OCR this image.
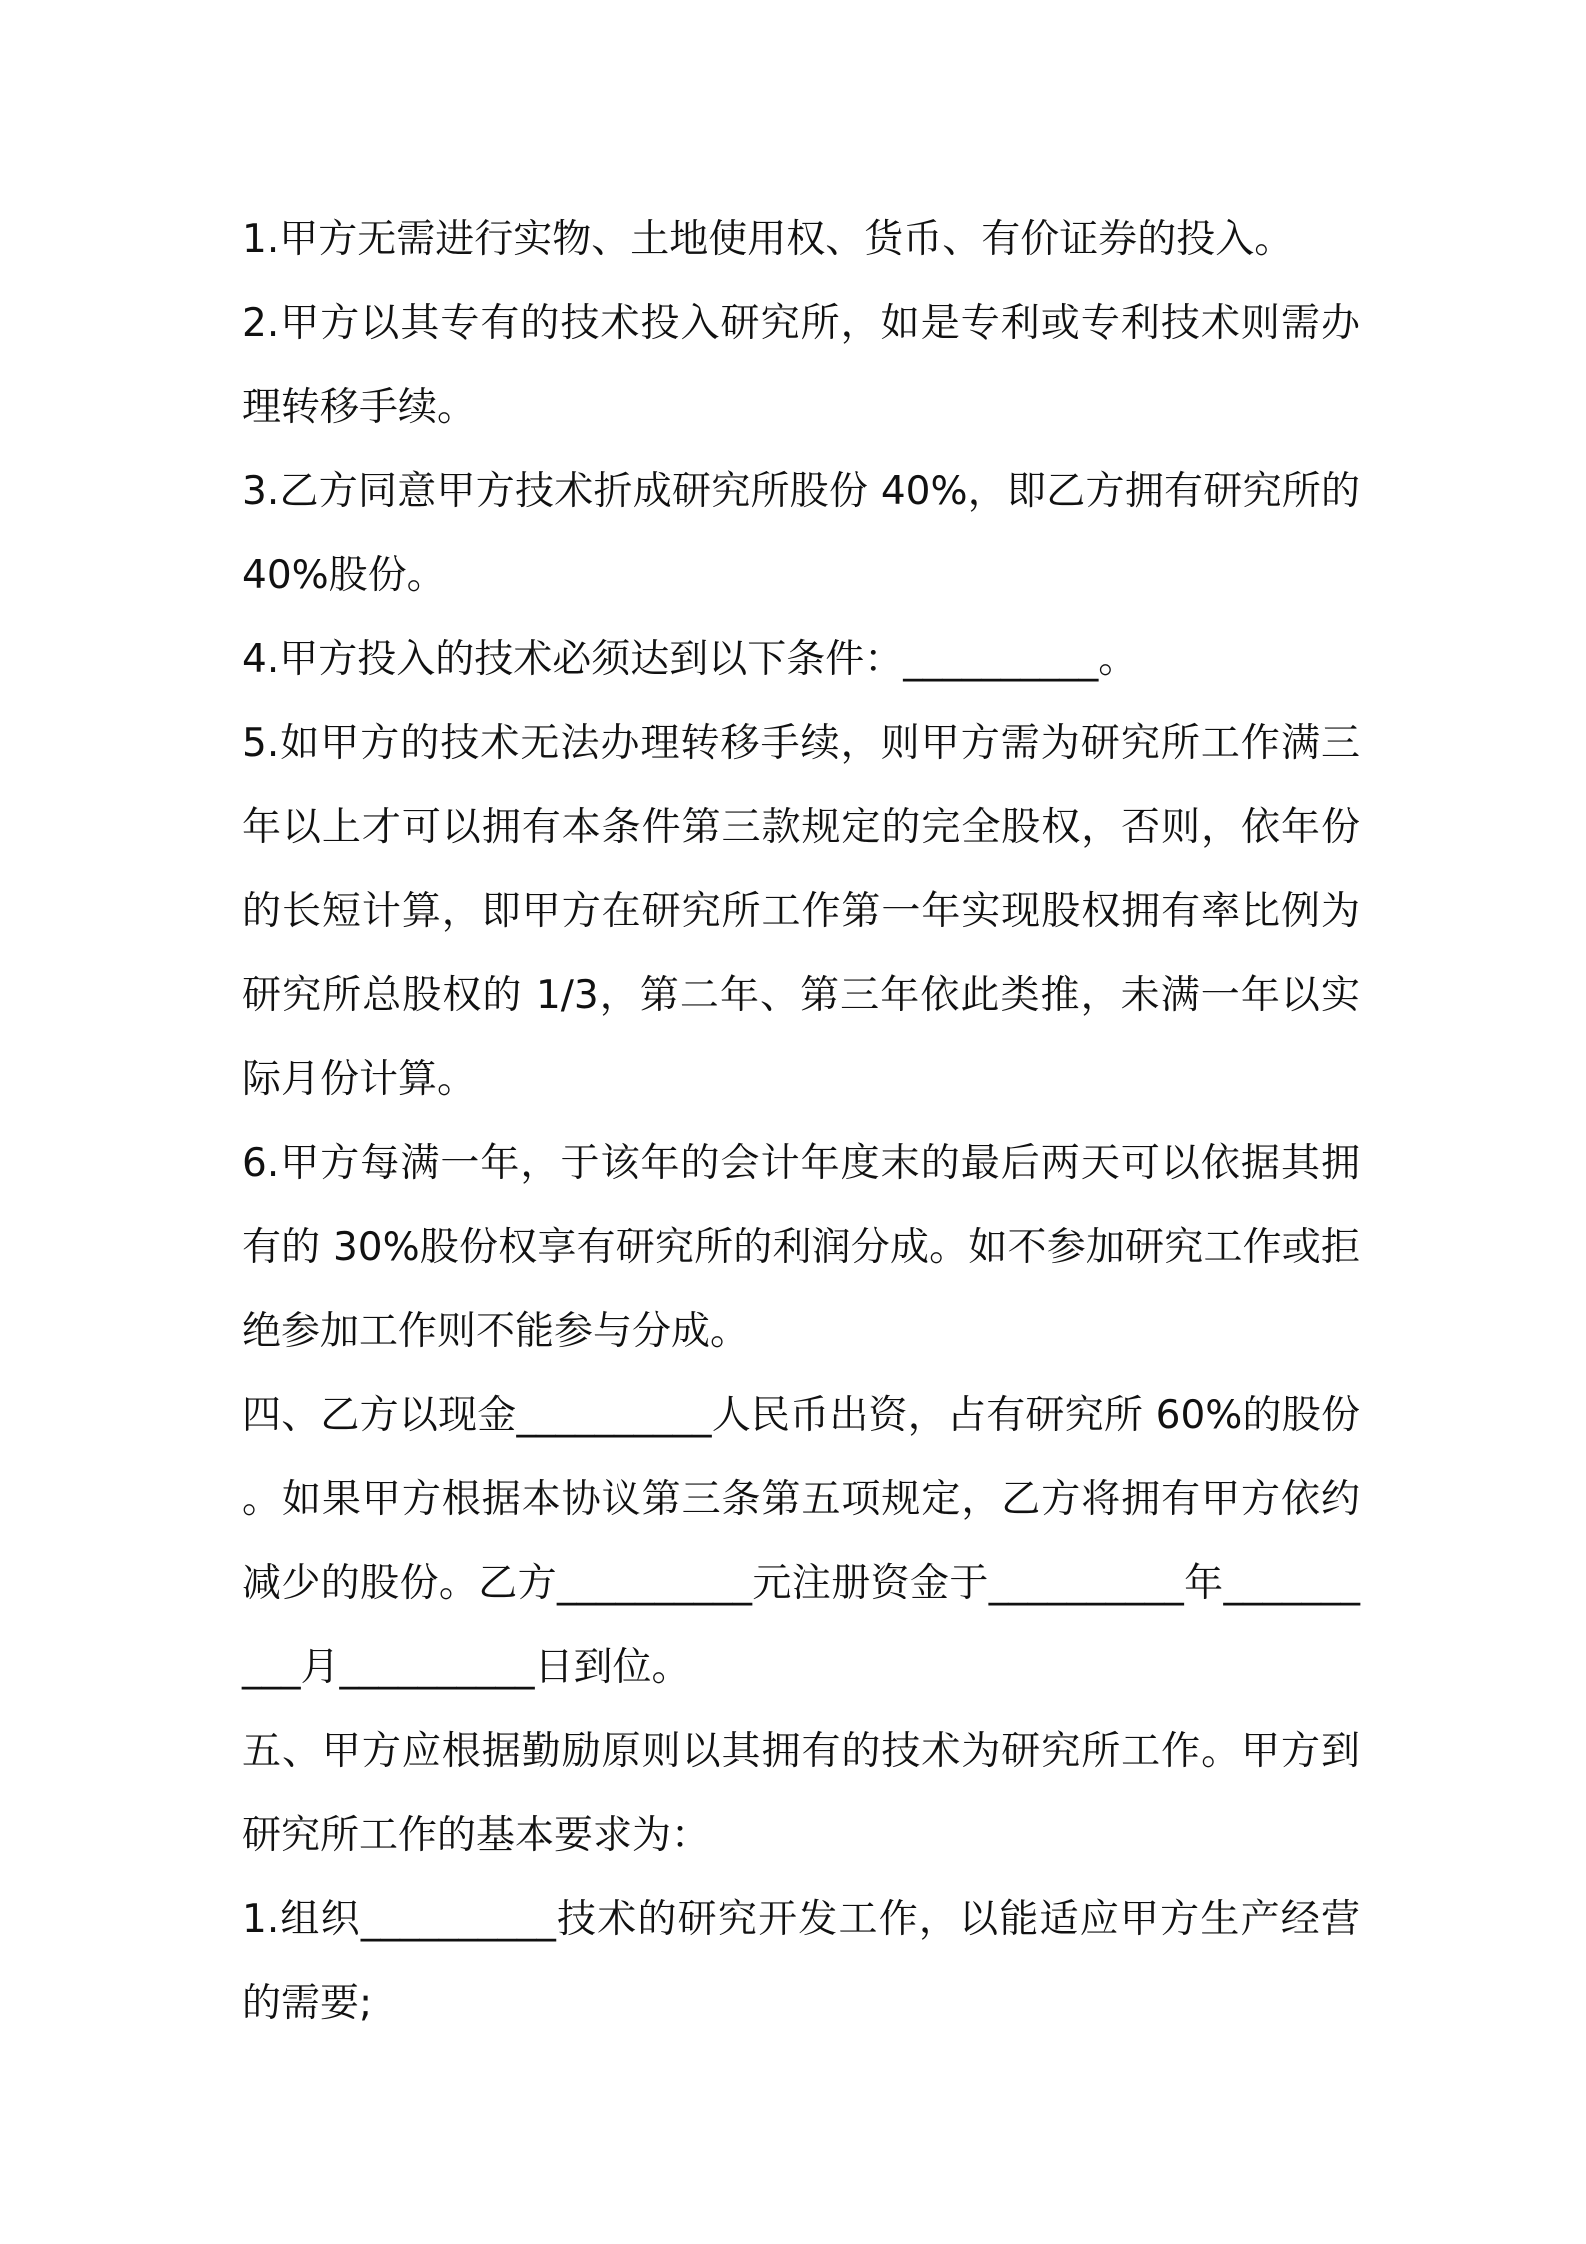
1.甲方无需进行实物、土地使用权、货币、有价证券的投入。

2.甲方以其专有的技术投入研究所，如是专利或专利技术则需办理转移手续。

3.乙方同意甲方技术折成研究所股份 40%，即乙方拥有研究所的 40%股份。

4.甲方投入的技术必须达到以下条件：__________。

5.如甲方的技术无法办理转移手续，则甲方需为研究所工作满三年以上才可以拥有本条件第三款规定的完全股权，否则，依年份的长短计算，即甲方在研究所工作第一年实现股权拥有率比例为研究所总股权的 1/3，第二年、第三年依此类推，未满一年以实际月份计算。

6.甲方每满一年，于该年的会计年度末的最后两天可以依据其拥有的 30%股份权享有研究所的利润分成。如不参加研究工作或拒绝参加工作则不能参与分成。

四、乙方以现金__________人民币出资，占有研究所 60%的股份。如果甲方根据本协议第三条第五项规定，乙方将拥有甲方依约减少的股份。乙方__________元注册资金于__________年__________月__________日到位。

五、甲方应根据勤励原则以其拥有的技术为研究所工作。甲方到研究所工作的基本要求为：

1.组织__________技术的研究开发工作，以能适应甲方生产经营的需要;
